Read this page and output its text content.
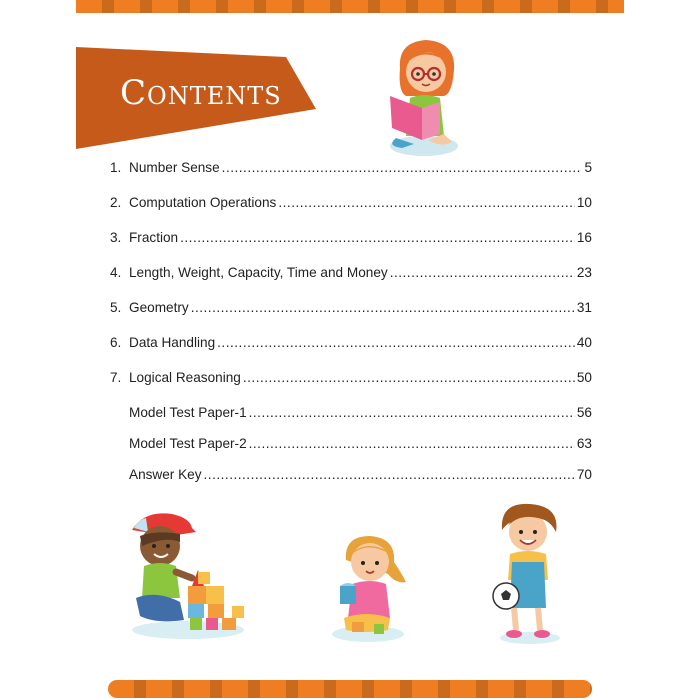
Contents
1. Number Sense .....	5
2. Computation Operations .....	10
3. Fraction .....	16
4. Length, Weight, Capacity, Time and Money .....	23
5. Geometry .....	31
6. Data Handling .....	40
7. Logical Reasoning .....	50
Model Test Paper-1 .....	56
Model Test Paper-2 .....	63
Answer Key .....	70
